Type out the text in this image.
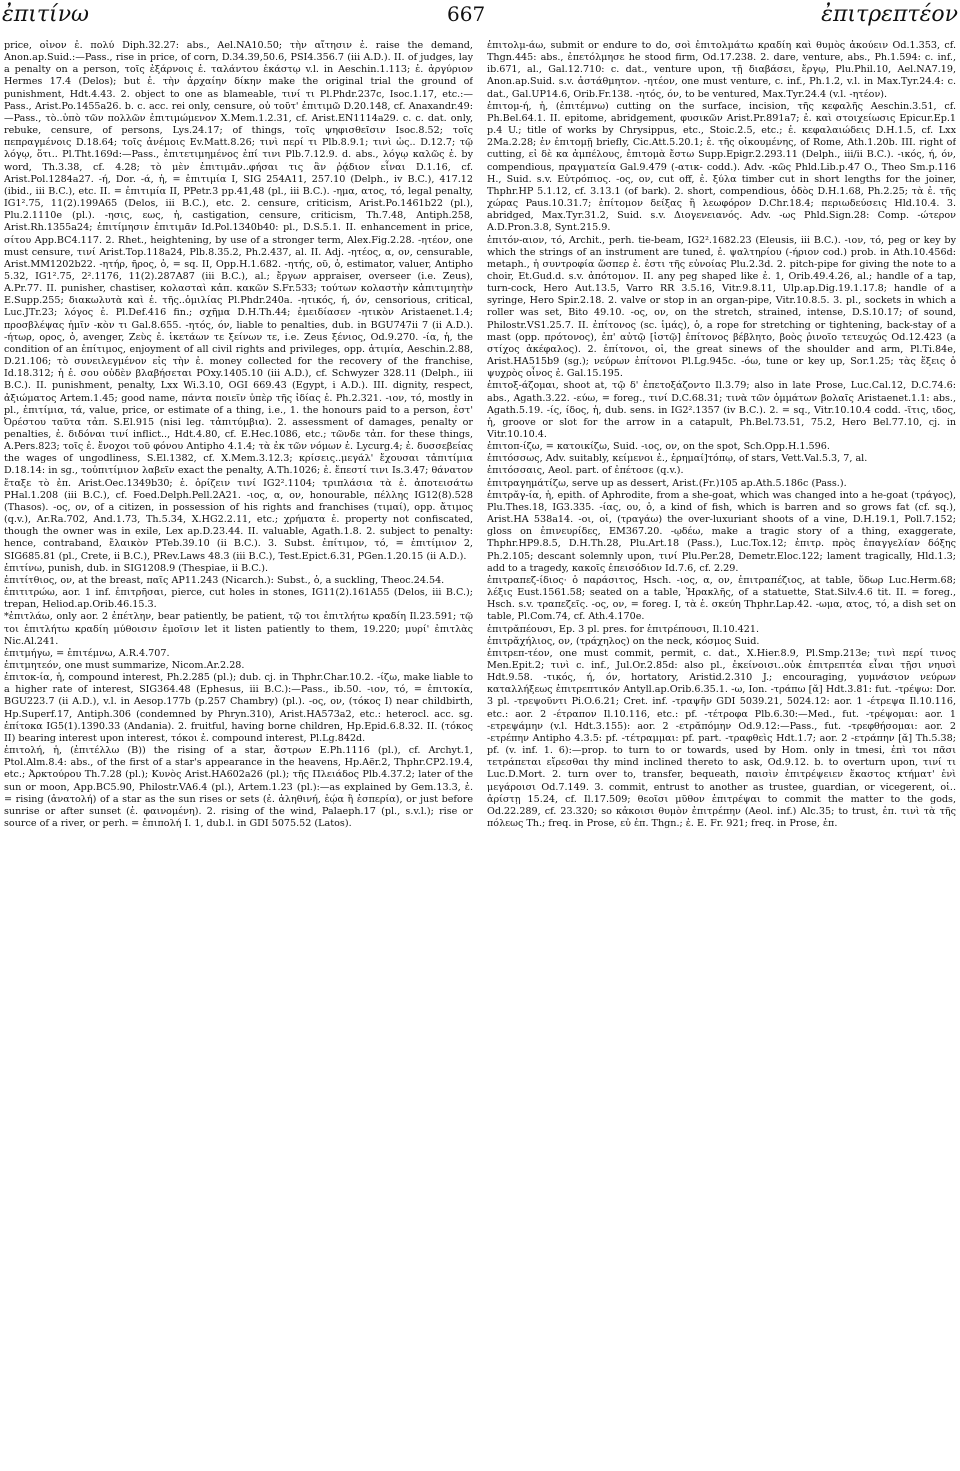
ἐπιτίνω	667	ἐπιτρεπτέον

price, οἶνον ἐ. πολύ Diph.32.27: abs., Ael.NA10.50; τὴν αἴτησιν ἐ. raise the demand, Anon.ap.Suid.:—Pass., rise in price, of corn, D.34.39,50.6, PSI4.356.7 (iii A.D.). II. of judges, lay a penalty on a person, τοῖς ἐξάρνοις ἐ. ταλάντου ἑκάστῳ v.l. in Aeschin.1.113; ἐ. ἀργύριον Hermes 17.4 (Delos); but ἐ. τὴν ἀρχαίην δίκην make the original trial the ground of punishment, Hdt.4.43. 2. object to one as blameable, τινί τι Pl.Phdr.237c, Isoc.1.17, etc.:—Pass., Arist.Po.1455a26. b. c. acc. rei only, censure, οὐ τοῦτ' ἐπιτιμῶ D.20.148, cf. Anaxandr.49:—Pass., τὸ..ὑπὸ τῶν πολλῶν ἐπιτιμώμενον X.Mem.1.2.31, cf. Arist.EN1114a29. c. c. dat. only, rebuke, censure, of persons, Lys.24.17; of things, τοῖς ψηφισθεῖσιν Isoc.8.52; τοῖς πεπραγμένοις D.18.64; τοῖς ἀνέμοις Ev.Matt.8.26; τινὶ περί τι Plb.8.9.1; τινὶ ὡς.. D.12.7; τῷ λόγῳ, ὅτι.. Pl.Tht.169d:—Pass., ἐπιτετιμημένος ἐπί τινι Plb.7.12.9. d. abs., λόγῳ καλῶς ἐ. by word, Th.3.38, cf. 4.28; τὸ μὲν ἐπιτιμᾶν..φήσαι τις ἂν ῥᾴδιον εἶναι D.1.16, cf. Arist.Pol.1284a27. -ή, Dor. -ά, ἡ, = ἐπιτιμία I, SIG 254A11, 257.10 (Delph., iv B.C.), 417.12 (ibid., iii B.C.), etc. II. = ἐπιτιμία II, PPetr.3 pp.41,48 (pl., iii B.C.). -ημα, ατος, τό, legal penalty, IG1².75, 11(2).199A65 (Delos, iii B.C.), etc. 2. censure, criticism, Arist.Po.1461b22 (pl.), Plu.2.1110e (pl.). -ησις, εως, ἡ, castigation, censure, criticism, Th.7.48, Antiph.258, Arist.Rh.1355a24; ἐπιτίμησιν ἐπιτιμᾶν Id.Pol.1340b40: pl., D.S.5.1. II. enhancement in price, σίτου App.BC4.117. 2. Rhet., heightening, by use of a stronger term, Alex.Fig.2.28. -ητέον, one must censure, τινί Arist.Top.118a24, Plb.8.35.2, Ph.2.437, al. II. Adj. -ητέος, α, ον, censurable, Arist.MM1202b22. -ητήρ, ῆρος, ὁ, = sq. II, Opp.H.1.682. -ητής, οῦ, ὁ, estimator, valuer, Antipho 5.32, IG1².75, 2².1176, 11(2).287A87 (iii B.C.), al.; ἔργων appraiser, overseer (i.e. Zeus), A.Pr.77. II. punisher, chastiser, κολασταὶ κἀπ. κακῶν S.Fr.533; τούτων κολαστὴν κἀπιτιμητὴν E.Supp.255; διακωλυτὰ καὶ ἐ. τῆς..ὁμιλίας Pl.Phdr.240a. -ητικός, ή, όν, censorious, critical, Luc.JTr.23; λόγος ἐ. Pl.Def.416 fin.; σχῆμα D.H.Th.44; ἐμειδίασεν -ητικὸν Aristaenet.1.4; προσβλέψας ἡμῖν -κὸν τι Gal.8.655. -ητός, όν, liable to penalties, dub. in BGU747ii 7 (ii A.D.). -ήτωρ, ορος, ὁ, avenger, Ζεὺς ἐ. ἱκετάων τε ξείνων τε, i.e. Zeus ξένιος, Od.9.270. -ία, ἡ, the condition of an ἐπίτιμος, enjoyment of all civil rights and privileges, opp. ἀτιμία, Aeschin.2.88, D.21.106; τὸ συνειλεγμένον εἰς τὴν ἐ. money collected for the recovery of the franchise, Id.18.312; ἡ ἐ. σου οὐδὲν βλαβήσεται POxy.1405.10 (iii A.D.), cf. Schwyzer 328.11 (Delph., iii B.C.). II. punishment, penalty, Lxx Wi.3.10, OGI 669.43 (Egypt, i A.D.). III. dignity, respect, ἀξιώματος Artem.1.45; good name, πάντα ποιεῖν ὑπὲρ τῆς ἰδίας ἐ. Ph.2.321. -ιον, τό, mostly in pl., ἐπιτίμια, τά, value, price, or estimate of a thing, i.e., 1. the honours paid to a person, ἐστ' Ὀρέστου ταῦτα τἀπ. S.El.915 (nisi leg. τἀπιτύμβια). 2. assessment of damages, penalty or penalties, ἐ. διδόναι τινί inflict.., Hdt.4.80, cf. E.Hec.1086, etc.; τῶνδε τἀπ. for these things, A.Pers.823; τοῖς ἐ. ἔνοχοι τοῦ φόνου Antipho 4.1.4; τὰ ἐκ τῶν νόμων ἐ. Lycurg.4; ἐ. δυσσεβείας the wages of ungodliness, S.El.1382, cf. X.Mem.3.12.3; κρίσεις..μεγάλ' ἔχουσαι τἀπιτίμια D.18.14: in sg., τοὐπιτίμιον λαβεῖν exact the penalty, A.Th.1026; ἐ. ἔπεστί τινι Is.3.47; θάνατον ἔταξε τὸ ἐπ. Arist.Oec.1349b30; ἐ. ὁρίζειν τινί IG2².1104; τριπλάσια τὰ ἐ. ἀποτεισάτω PHal.1.208 (iii B.C.), cf. Foed.Delph.Pell.2A21. -ιος, α, ον, honourable, πέλλης IG12(8).528 (Thasos). -ος, ον, of a citizen, in possession of his rights and franchises (τιμαί), opp. ἄτιμος (q.v.), Ar.Ra.702, And.1.73, Th.5.34, X.HG2.2.11, etc.; χρήματα ἐ. property not confiscated, though the owner was in exile, Lex ap.D.23.44. II. valuable, Agath.1.8. 2. subject to penalty: hence, contraband, ἔλαικὸν PTeb.39.10 (ii B.C.). 3. Subst. ἐπίτιμον, τό, = ἐπιτίμιον 2, SIG685.81 (pl., Crete, ii B.C.), PRev.Laws 48.3 (iii B.C.), Test.Epict.6.31, PGen.1.20.15 (ii A.D.).

ἐπιτίνω, punish, dub. in SIG1208.9 (Thespiae, ii B.C.).

ἐπιτίτθιος, ον, at the breast, παῖς AP11.243 (Nicarch.): Subst., ὁ, a suckling, Theoc.24.54.

ἐπιτιτρώω, aor. 1 inf. ἐπιτρῆσαι, pierce, cut holes in stones, IG11(2).161A55 (Delos, iii B.C.); trepan, Heliod.ap.Orib.46.15.3.

*ἐπιτλάω, only aor. 2 ἐπέτλην, bear patiently, be patient, τῷ τοι ἐπιτλήτω κραδίη Il.23.591; τῷ τοι ἐπιτλήτω κραδίη μύθοισιν ἐμοῖσιν let it listen patiently to them, 19.220; μυρί' ἐπιτλὰς Nic.Al.241.

ἐπιτμήγω, = ἐπιτέμνω, A.R.4.707.

ἐπιτμητεόν, one must summarize, Nicom.Ar.2.28.

ἐπιτοκ-ία, ἡ, compound interest, Ph.2.285 (pl.); dub. cj. in Thphr.Char.10.2. -ίζω, make liable to a higher rate of interest, SIG364.48 (Ephesus, iii B.C.):—Pass., ib.50. -ιον, τό, = ἐπιτοκία, BGU223.7 (ii A.D.), v.l. in Aesop.177b (p.257 Chambry) (pl.). -ος, ον, (τόκος I) near childbirth, Hp.Superf.17, Antiph.306 (condemned by Phryn.310), Arist.HA573a2, etc.: heterocl. acc. sg. ἐπίτοκα IG5(1).1390.33 (Andania). 2. fruitful, having borne children, Hp.Epid.6.8.32. II. (τόκος II) bearing interest upon interest, τόκοι ἐ. compound interest, Pl.Lg.842d.

ἐπιτολή, ἡ, (ἐπιτέλλω (B)) the rising of a star, ἄστρων E.Ph.1116 (pl.), cf. Archyt.1, Ptol.Alm.8.4: abs., of the first of a star's appearance in the heavens, Hp.Aër.2, Thphr.CP2.19.4, etc.; Ἀρκτούρου Th.7.28 (pl.); Κυνὸς Arist.HA602a26 (pl.); τῆς Πλειάδος Plb.4.37.2; later of the sun or moon, App.BC5.90, Philostr.VA6.4 (pl.), Artem.1.23 (pl.):—as explained by Gem.13.3, ἐ. = rising (ἀνατολή) of a star as the sun rises or sets (ἐ. ἀληθινή, ἑῴα ἢ ἑσπερία), or just before sunrise or after sunset (ἐ. φαινομένη). 2. rising of the wind, Palaeph.17 (pl., s.v.l.); rise or source of a river, or perh. = ἐπιπολή I. 1, dub.l. in GDI 5075.52 (Latos).

ἐπιτολμ-άω, submit or endure to do, σοὶ ἐπιτολμάτω κραδίη καὶ θυμὸς ἀκούειν Od.1.353, cf. Thgn.445: abs., ἐπετόλμησε he stood firm, Od.17.238. 2. dare, venture, abs., Ph.1.594: c. inf., ib.671, al., Gal.12.710: c. dat., venture upon, τῇ διαβάσει, ἔργῳ, Plu.Phil.10, Ael.NA7.19, Anon.ap.Suid. s.v. ἀστάθμητον. -ητέον, one must venture, c. inf., Ph.1.2, v.l. in Max.Tyr.24.4: c. dat., Gal.UP14.6, Orib.Fr.138. -ητός, όν, to be ventured, Max.Tyr.24.4 (v.l. -ητέον).

ἐπιτομ-ή, ἡ, (ἐπιτέμνω) cutting on the surface, incision, τῆς κεφαλῆς Aeschin.3.51, cf. Ph.Bel.64.1. II. epitome, abridgement, φυσικῶν Arist.Pr.891a7; ἐ. καὶ στοιχείωσις Epicur.Ep.1 p.4 U.; title of works by Chrysippus, etc., Stoic.2.5, etc.; ἐ. κεφαλαιώδεις D.H.1.5, cf. Lxx 2Ma.2.28; ἐν ἐπιτομῇ briefly, Cic.Att.5.20.1; ἐ. τῆς οἰκουμένης, of Rome, Ath.1.20b. III. right of cutting, εἰ δὲ κα ἀμπέλους, ἐπιτομὰ ἔστω Supp.Epigr.2.293.11 (Delph., iii/ii B.C.). -ικός, ή, όν, compendious, πραγματεία Gal.9.479 (-ατικ- codd.). Adv. -κῶς Phld.Lib.p.47 O., Theo Sm.p.116 H., Suid. s.v. Εὐτρόπιος. -ος, ον, cut off, ἐ. ξύλα timber cut in short lengths for the joiner, Thphr.HP 5.1.12, cf. 3.13.1 (of bark). 2. short, compendious, ὁδὸς D.H.1.68, Ph.2.25; τὰ ἐ. τῆς χώρας Paus.10.31.7; ἐπίτομον δείξας ἢ λεωφόρον D.Chr.18.4; περιωδεύσεις Hld.10.4. 3. abridged, Max.Tyr.31.2, Suid. s.v. Διογενειανός. Adv. -ως Phld.Sign.28: Comp. -ώτερον A.D.Pron.3.8, Synt.215.9.

ἐπιτόν-αιον, τό, Archit., perh. tie-beam, IG2².1682.23 (Eleusis, iii B.C.). -ιον, τό, peg or key by which the strings of an instrument are tuned, ἐ. ψαλτηρίου (-ήριον cod.) prob. in Ath.10.456d: metaph., ἡ συντροφία ὥσπερ ἐ. ἐστι τῆς εὐνοίας Plu.2.3d. 2. pitch-pipe for giving the note to a choir, Et.Gud.d. s.v. ἀπότομον. II. any peg shaped like ἐ. 1, Orib.49.4.26, al.; handle of a tap, turn-cock, Hero Aut.13.5, Varro RR 3.5.16, Vitr.9.8.11, Ulp.ap.Dig.19.1.17.8; handle of a syringe, Hero Spir.2.18. 2. valve or stop in an organ-pipe, Vitr.10.8.5. 3. pl., sockets in which a roller was set, Bito 49.10. -ος, ον, on the stretch, strained, intense, D.S.10.17; of sound, Philostr.VS1.25.7. II. ἐπίτονος (sc. ἱμάς), ὁ, a rope for stretching or tightening, back-stay of a mast (opp. πρότονος), ἐπ' αὐτῷ [ἱστῷ] ἐπίτονος βέβλητο, βοὸς ῥινοῖο τετευχώς Od.12.423 (a στίχος ἀκέφαλος). 2. ἐπίτονοι, οἱ, the great sinews of the shoulder and arm, Pl.Ti.84e, Arist.HA515b9 (sg.); νεύρων ἐπίτονοι Pl.Lg.945c. -όω, tune or key up, Sor.1.25; τὰς ἕξεις ὁ ψυχρὸς οἶνος ἐ. Gal.15.195.

ἐπιτοξ-άζομαι, shoot at, τῷ δ' ἐπετοξάζοντο Il.3.79; also in late Prose, Luc.Cal.12, D.C.74.6: abs., Agath.3.22. -εύω, = foreg., τινί D.C.68.31; τινὰ τῶν ὀμμάτων βολαῖς Aristaenet.1.1: abs., Agath.5.19. -ίς, ίδος, ἡ, dub. sens. in IG2².1357 (iv B.C.). 2. = sq., Vitr.10.10.4 codd. -ῖτις, ιδος, ἡ, groove or slot for the arrow in a catapult, Ph.Bel.73.51, 75.2, Hero Bel.77.10, cj. in Vitr.10.10.4.

ἐπιτοπ-ίζω, = κατοικίζω, Suid. -ιος, ον, on the spot, Sch.Opp.H.1.596.

ἐπιτόσσως, Adv. suitably, κείμενοι ἐ., ἐρημαί]τόπῳ, of stars, Vett.Val.5.3, 7, al.

ἐπιτόσσαις, Aeol. part. of ἐπέτοσε (q.v.).

ἐπιτραγημάτίζω, serve up as dessert, Arist.(Fr.)105 ap.Ath.5.186c (Pass.).

ἐπιτρᾰγ-ία, ἡ, epith. of Aphrodite, from a she-goat, which was changed into a he-goat (τράγος), Plu.Thes.18, IG3.335. -ίας, ου, ὁ, a kind of fish, which is barren and so grows fat (cf. sq.), Arist.HA 538a14. -οι, οἱ, (τραγάω) the over-luxuriant shoots of a vine, D.H.19.1, Poll.7.152; gloss on ἐπινευρίδες, EM367.20. -ῳδέω, make a tragic story of a thing, exaggerate, Thphr.HP9.8.5, D.H.Th.28, Plu.Art.18 (Pass.), Luc.Tox.12; ἐπιτρ. πρὸς ἐπαγγελίαν δόξης Ph.2.105; descant solemnly upon, τινί Plu.Per.28, Demetr.Eloc.122; lament tragically, Hld.1.3; add to a tragedy, κακοῖς ἐπεισόδιον Id.7.6, cf. 2.29.

ἐπιτραπεζ-ίδιος· ὁ παράσιτος, Hsch. -ιος, α, ον, ἐπιτραπέζιος, at table, ὕδωρ Luc.Herm.68; λέξις Eust.1561.58; seated on a table, Ἡρακλῆς, of a statuette, Stat.Silv.4.6 tit. II. = foreg., Hsch. s.v. τραπεζεῖς. -ος, ον, = foreg. I, τὰ ἐ. σκεύη Thphr.Lap.42. -ωμα, ατος, τό, a dish set on table, Pl.Com.74, cf. Ath.4.170e.

ἐπιτρᾰπέουσι, Ep. 3 pl. pres. for ἐπιτρέπουσι, Il.10.421.

ἐπιτρᾰχήλιος, ον, (τράχηλος) on the neck, κόσμος Suid.

ἐπιτρεπ-τέον, one must commit, permit, c. dat., X.Hier.8.9, Pl.Smp.213e; τινὶ περί τινος Men.Epit.2; τινὶ c. inf., Jul.Or.2.85d: also pl., ἐκείνοισι..οὐκ ἐπιτρεπτέα εἶναι τῇσι νηυσὶ Hdt.9.58. -τικός, ή, όν, hortatory, Aristid.2.310 J.; encouraging, γυμνάσιον νεύρων καταλλήξεως ἐπιτρεπτικόν Antyll.ap.Orib.6.35.1. -ω, Ion. -τράπω [ᾰ] Hdt.3.81: fut. -τρέψω: Dor. 3 pl. -τρεψοῦντι Pi.O.6.21; Cret. inf. -τραψῆν GDI 5039.21, 5024.12: aor. 1 -έτρεψα Il.10.116, etc.: aor. 2 -έτραπον Il.10.116, etc.: pf. -τέτροφα Plb.6.30:—Med., fut. -τρέψομαι: aor. 1 -ετρεψάμην (v.l. Hdt.3.155): aor. 2 -ετρᾰπόμην Od.9.12:—Pass., fut. -τρεφθήσομαι: aor. 2 -ετρέπην Antipho 4.3.5: pf. -τέτραμμαι: pf. part. -τραφθεὶς Hdt.1.7; aor. 2 -ετράπην [ᾰ] Th.5.38; pf. (v. inf. 1. 6):—prop. to turn to or towards, used by Hom. only in tmesi, ἐπὶ τοι πᾶσι τετράπεται εἴρεσθαι thy mind inclined thereto to ask, Od.9.12. b. to overturn upon, τινί τι Luc.D.Mort. 2. turn over to, transfer, bequeath, παισὶν ἐπιτρέψειεν ἕκαστος κτήματ' ἐνὶ μεγάροισι Od.7.149. 3. commit, entrust to another as trustee, guardian, or vicegerent, οἱ.. ἀρίστῃ 15.24, cf. Il.17.509; θεοῖσι μῦθον ἐπιτρέψαι to commit the matter to the gods, Od.22.289, cf. 23.320; so κἀκοισι θυμὸν ἐπιτρέπην (Aeol. inf.) Alc.35; to trust, ἐπ. τινὶ τὰ τῆς πόλεως Th.; freq. in Prose, εὐ ἐπ. Thgn.; ἐ. Ε. Fr. 921; freq. in Prose, ἐπ.
